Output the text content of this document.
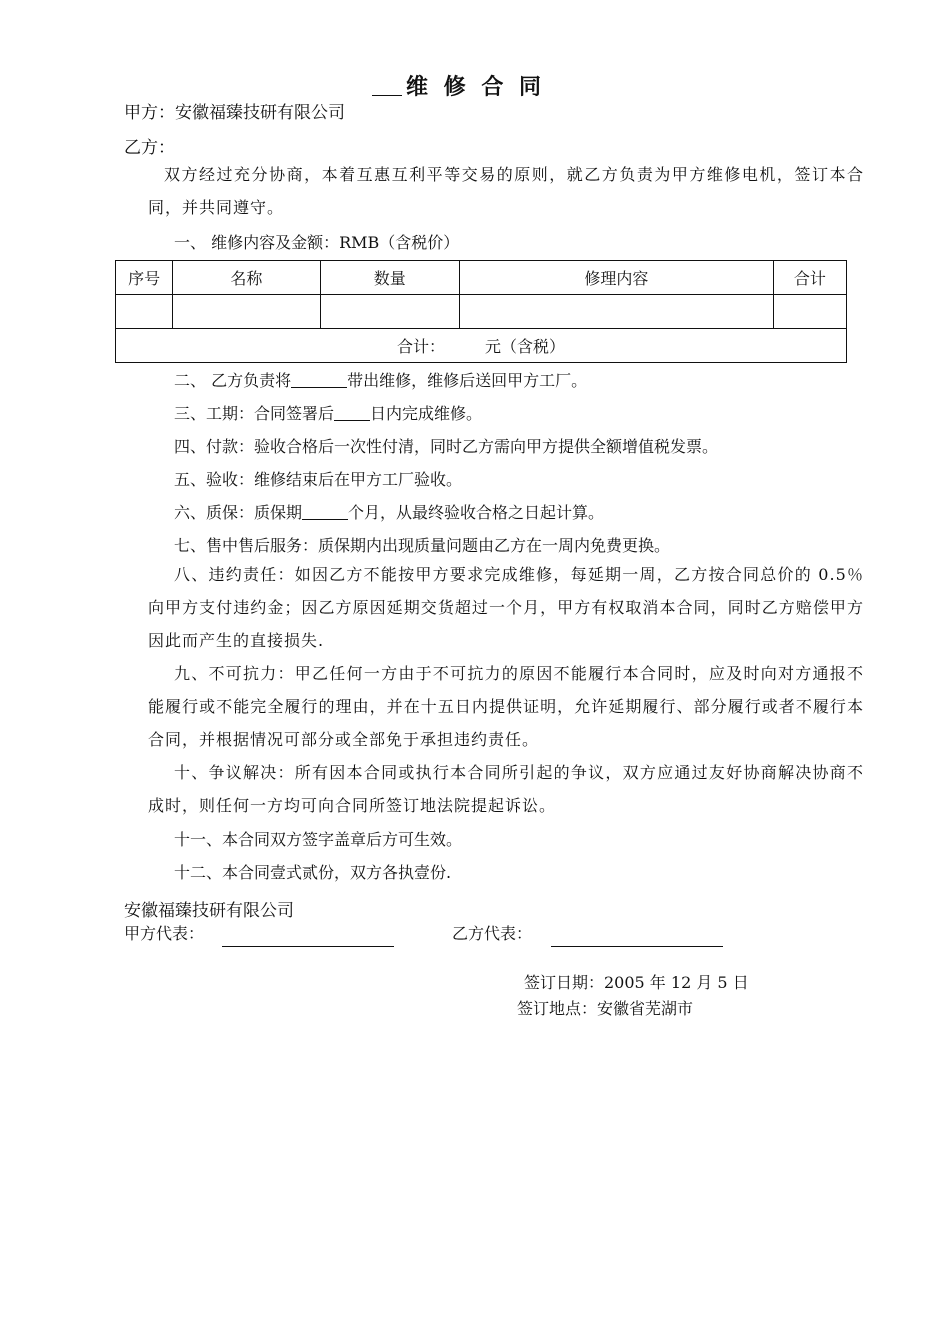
维 修 合 同
甲方：安徽福臻技研有限公司
乙方：
双方经过充分协商，本着互惠互利平等交易的原则，就乙方负责为甲方维修电机，签订本合同，并共同遵守。
一、 维修内容及金额：RMB（含税价）
序号	名称	数量	修理内容	合计

合计： 元（含税）				
二、 乙方负责将	带出维修，维修后送回甲方工厂。
三、工期：合同签署后 日内完成维修。
四、付款：验收合格后一次性付清，同时乙方需向甲方提供全额增值税发票。
五、验收：维修结束后在甲方工厂验收。
六、质保：质保期	个月，从最终验收合格之日起计算。
七、售中售后服务：质保期内出现质量问题由乙方在一周内免费更换。
八、违约责任：如因乙方不能按甲方要求完成维修，每延期一周，乙方按合同总价的 0.5％向甲方支付违约金；因乙方原因延期交货超过一个月，甲方有权取消本合同，同时乙方赔偿甲方因此而产生的直接损失.
九、不可抗力：甲乙任何一方由于不可抗力的原因不能履行本合同时，应及时向对方通报不能履行或不能完全履行的理由，并在十五日内提供证明，允许延期履行、部分履行或者不履行本合同，并根据情况可部分或全部免于承担违约责任。
十、争议解决：所有因本合同或执行本合同所引起的争议，双方应通过友好协商解决协商不成时，则任何一方均可向合同所签订地法院提起诉讼。
十一、本合同双方签字盖章后方可生效。
十二、本合同壹式贰份，双方各执壹份.
安徽福臻技研有限公司
甲方代表：	乙方代表：
签订日期：2005 年 12 月 5 日
签订地点：安徽省芜湖市
